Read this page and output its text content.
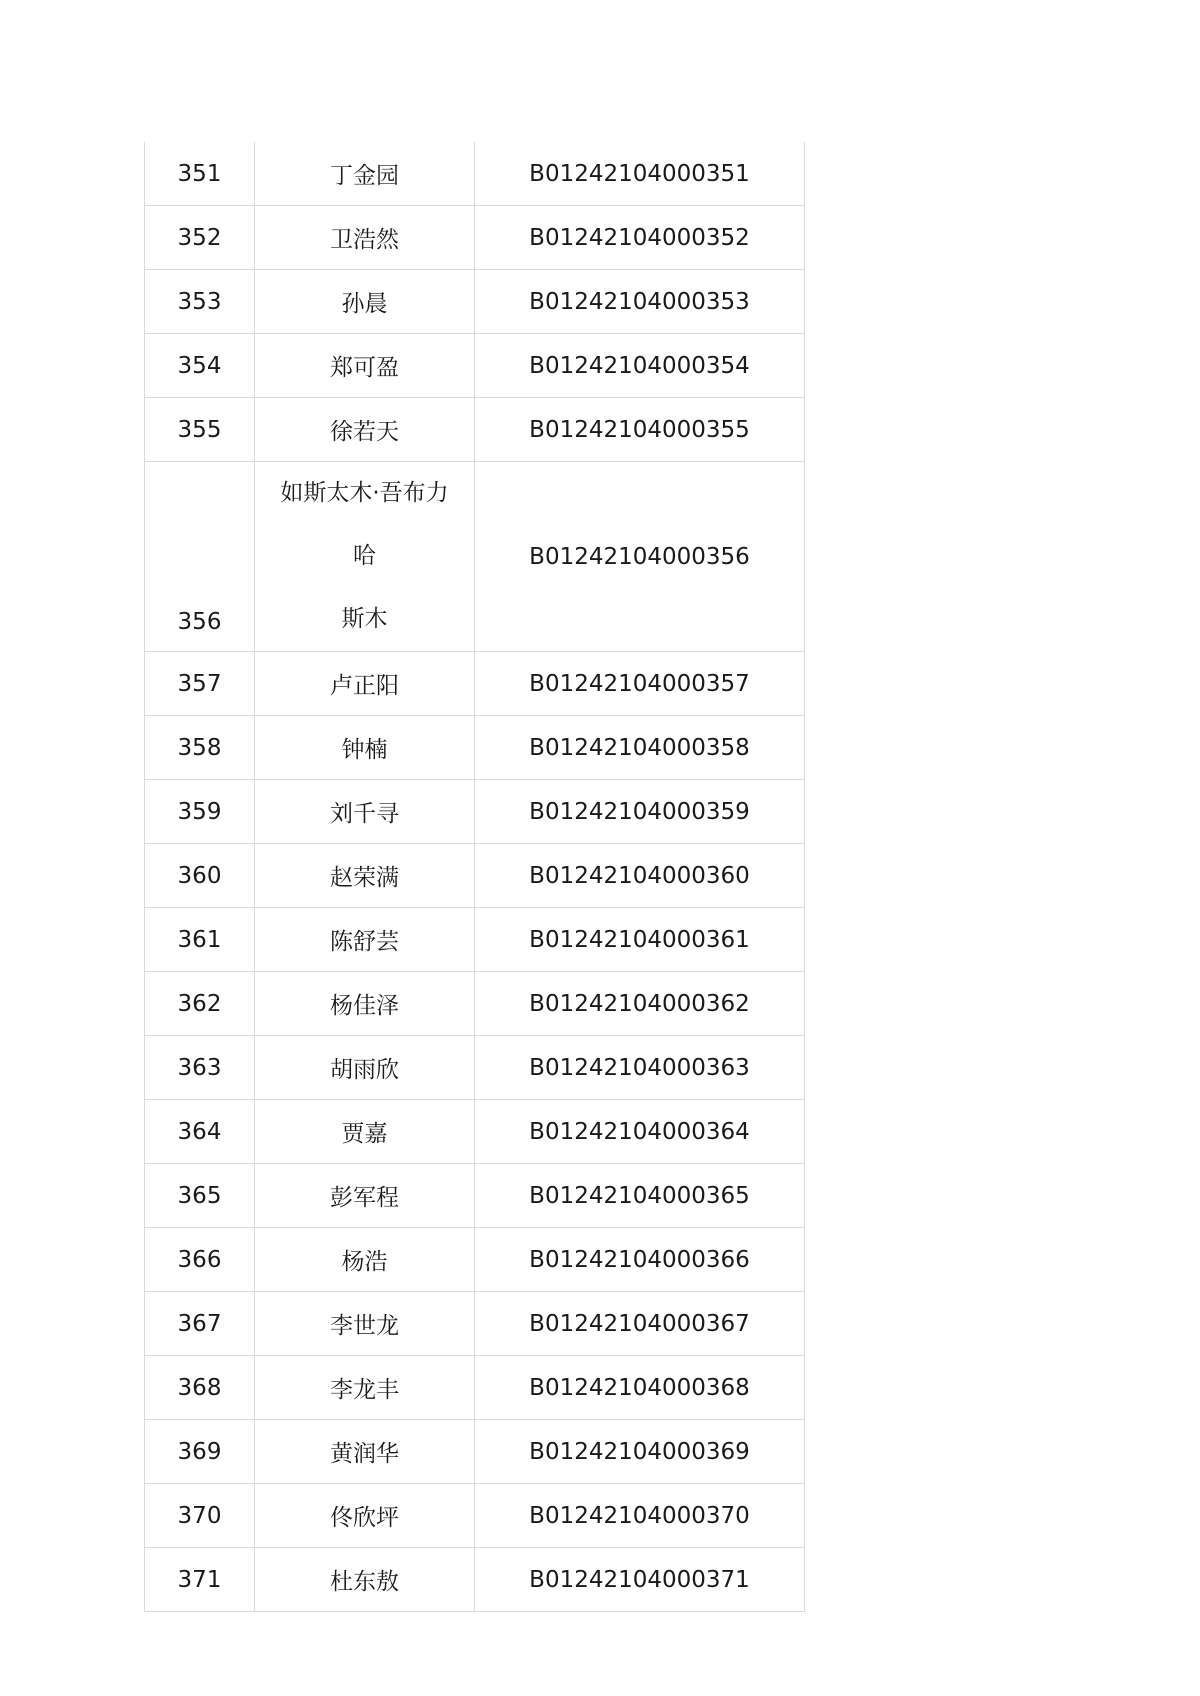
351	丁金园	B01242104000351
352	卫浩然	B01242104000352
353	孙晨	B01242104000353
354	郑可盈	B01242104000354
355	徐若天	B01242104000355
356	如斯太木·吾布力哈
斯木	B01242104000356
357	卢正阳	B01242104000357
358	钟楠	B01242104000358
359	刘千寻	B01242104000359
360	赵荣满	B01242104000360
361	陈舒芸	B01242104000361
362	杨佳泽	B01242104000362
363	胡雨欣	B01242104000363
364	贾嘉	B01242104000364
365	彭军程	B01242104000365
366	杨浩	B01242104000366
367	李世龙	B01242104000367
368	李龙丰	B01242104000368
369	黄润华	B01242104000369
370	佟欣坪	B01242104000370
371	杜东敖	B01242104000371
